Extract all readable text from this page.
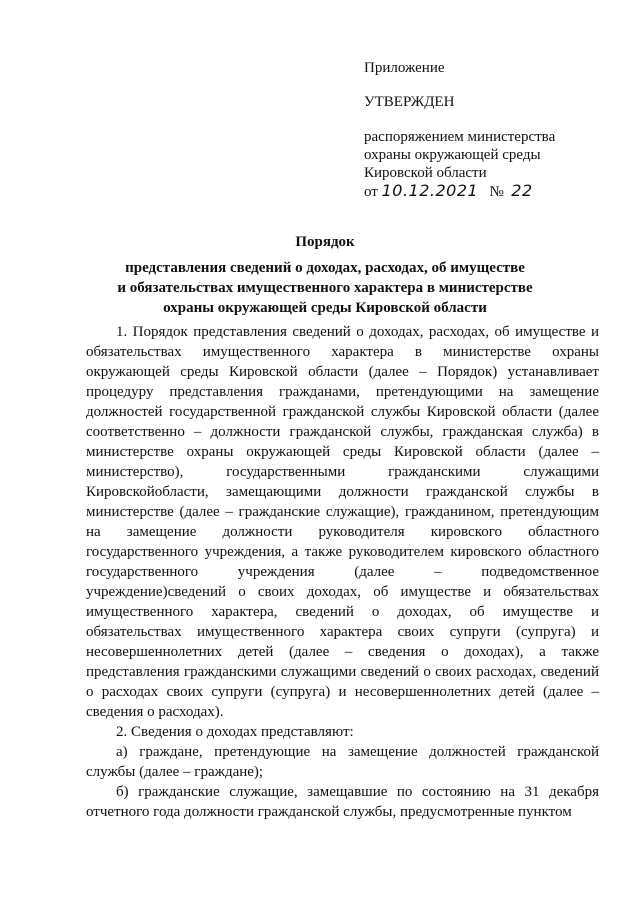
Приложение
УТВЕРЖДЕН
распоряжением министерства
охраны окружающей среды
Кировской области
от 10.12.2021 № 22
Порядок
представления сведений о доходах, расходах, об имуществе
и обязательствах имущественного характера в министерстве
охраны окружающей среды Кировской области

1. Порядок представления сведений о доходах, расходах, об имуществе и обязательствах имущественного характера в министерстве охраны окружающей среды Кировской области (далее – Порядок) устанавливает процедуру представления гражданами, претендующими на замещение должностей государственной гражданской службы Кировской области (далее соответственно – должности гражданской службы, гражданская служба) в министерстве охраны окружающей среды Кировской области (далее – министерство), государственными гражданскими служащими Кировскойобласти, замещающими должности гражданской службы в министерстве (далее – гражданские служащие), гражданином, претендующим на замещение должности руководителя кировского областного государственного учреждения, а также руководителем кировского областного государственного учреждения (далее – подведомственное учреждение)сведений о своих доходах, об имуществе и обязательствах имущественного характера, сведений о доходах, об имуществе и обязательствах имущественного характера своих супруги (супруга) и несовершеннолетних детей (далее – сведения о доходах), а также представления гражданскими служащими сведений о своих расходах, сведений о расходах своих супруги (супруга) и несовершеннолетних детей (далее – сведения о расходах).

2. Сведения о доходах представляют:

а) граждане, претендующие на замещение должностей гражданской службы (далее – граждане);

б) гражданские служащие, замещавшие по состоянию на 31 декабря отчетного года должности гражданской службы, предусмотренные пунктом
